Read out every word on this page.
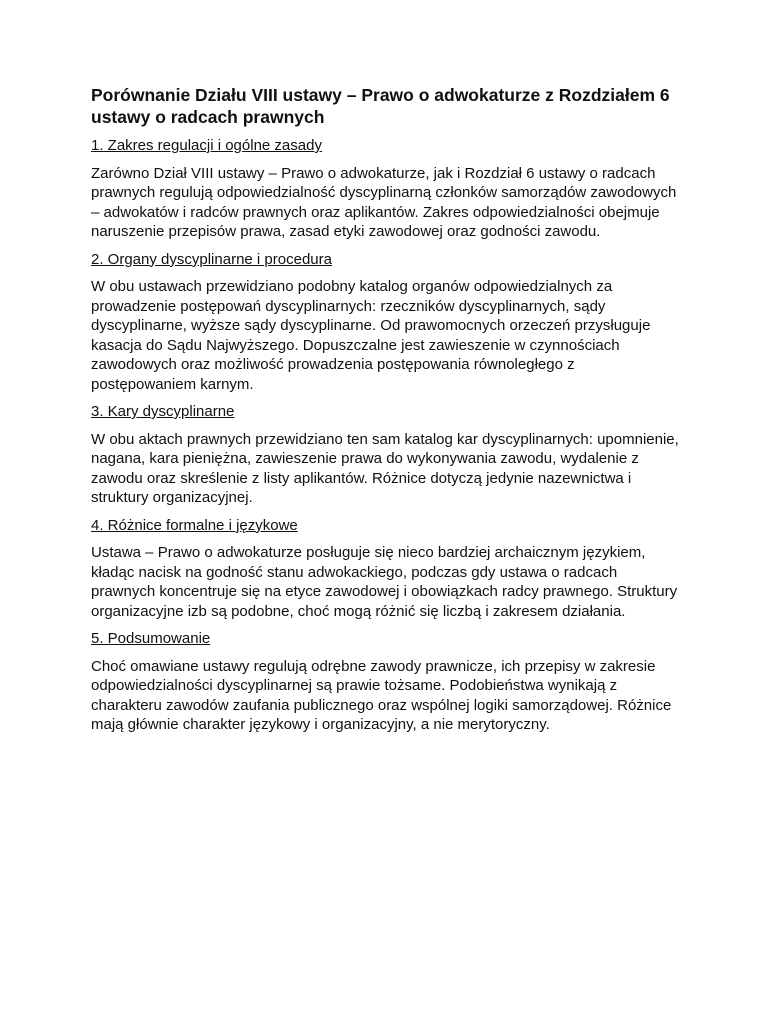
Porównanie Działu VIII ustawy – Prawo o adwokaturze z Rozdziałem 6 ustawy o radcach prawnych

1. Zakres regulacji i ogólne zasady

Zarówno Dział VIII ustawy – Prawo o adwokaturze, jak i Rozdział 6 ustawy o radcach prawnych regulują odpowiedzialność dyscyplinarną członków samorządów zawodowych – adwokatów i radców prawnych oraz aplikantów. Zakres odpowiedzialności obejmuje naruszenie przepisów prawa, zasad etyki zawodowej oraz godności zawodu.

2. Organy dyscyplinarne i procedura

W obu ustawach przewidziano podobny katalog organów odpowiedzialnych za prowadzenie postępowań dyscyplinarnych: rzeczników dyscyplinarnych, sądy dyscyplinarne, wyższe sądy dyscyplinarne. Od prawomocnych orzeczeń przysługuje kasacja do Sądu Najwyższego. Dopuszczalne jest zawieszenie w czynnościach zawodowych oraz możliwość prowadzenia postępowania równoległego z postępowaniem karnym.

3. Kary dyscyplinarne

W obu aktach prawnych przewidziano ten sam katalog kar dyscyplinarnych: upomnienie, nagana, kara pieniężna, zawieszenie prawa do wykonywania zawodu, wydalenie z zawodu oraz skreślenie z listy aplikantów. Różnice dotyczą jedynie nazewnictwa i struktury organizacyjnej.

4. Różnice formalne i językowe

Ustawa – Prawo o adwokaturze posługuje się nieco bardziej archaicznym językiem, kładąc nacisk na godność stanu adwokackiego, podczas gdy ustawa o radcach prawnych koncentruje się na etyce zawodowej i obowiązkach radcy prawnego. Struktury organizacyjne izb są podobne, choć mogą różnić się liczbą i zakresem działania.

5. Podsumowanie

Choć omawiane ustawy regulują odrębne zawody prawnicze, ich przepisy w zakresie odpowiedzialności dyscyplinarnej są prawie tożsame. Podobieństwa wynikają z charakteru zawodów zaufania publicznego oraz wspólnej logiki samorządowej. Różnice mają głównie charakter językowy i organizacyjny, a nie merytoryczny.
